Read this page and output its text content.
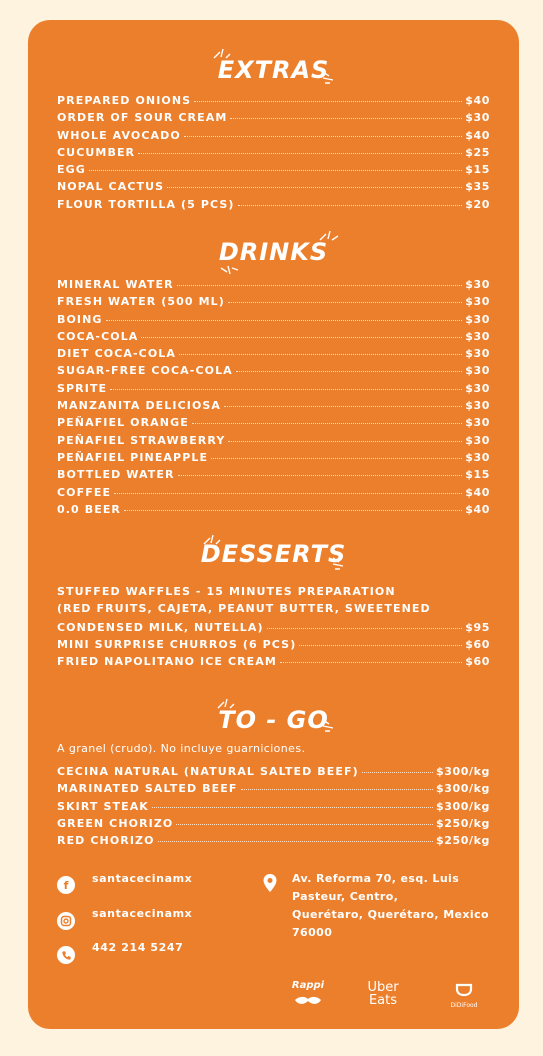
EXTRAS
PREPARED ONIONS	$40
ORDER OF SOUR CREAM	$30
WHOLE AVOCADO	$40
CUCUMBER	$25
EGG	$15
NOPAL CACTUS	$35
FLOUR TORTILLA (5 PCS)	$20
DRINKS
MINERAL WATER	$30
FRESH WATER (500 ML)	$30
BOING	$30
COCA-COLA	$30
DIET COCA-COLA	$30
SUGAR-FREE COCA-COLA	$30
SPRITE	$30
MANZANITA DELICIOSA	$30
PEÑAFIEL ORANGE	$30
PEÑAFIEL STRAWBERRY	$30
PEÑAFIEL PINEAPPLE	$30
BOTTLED WATER	$15
COFFEE	$40
0.0 BEER	$40
DESSERTS
STUFFED WAFFLES - 15 MINUTES PREPARATION
(RED FRUITS, CAJETA, PEANUT BUTTER, SWEETENED
CONDENSED MILK, NUTELLA)	$95
MINI SURPRISE CHURROS (6 PCS)	$60
FRIED NAPOLITANO ICE CREAM	$60
TO - GO
A granel (crudo). No incluye guarniciones.
CECINA NATURAL (NATURAL SALTED BEEF)	$300/kg
MARINATED SALTED BEEF	$300/kg
SKIRT STEAK	$300/kg
GREEN CHORIZO	$250/kg
RED CHORIZO	$250/kg
f	santacecinamx
santacecinamx
442 214 5247
Av. Reforma 70, esq. Luis
Pasteur, Centro,
Querétaro, Querétaro, Mexico
76000
Rappi	Uber
Eats	DiDiFood
